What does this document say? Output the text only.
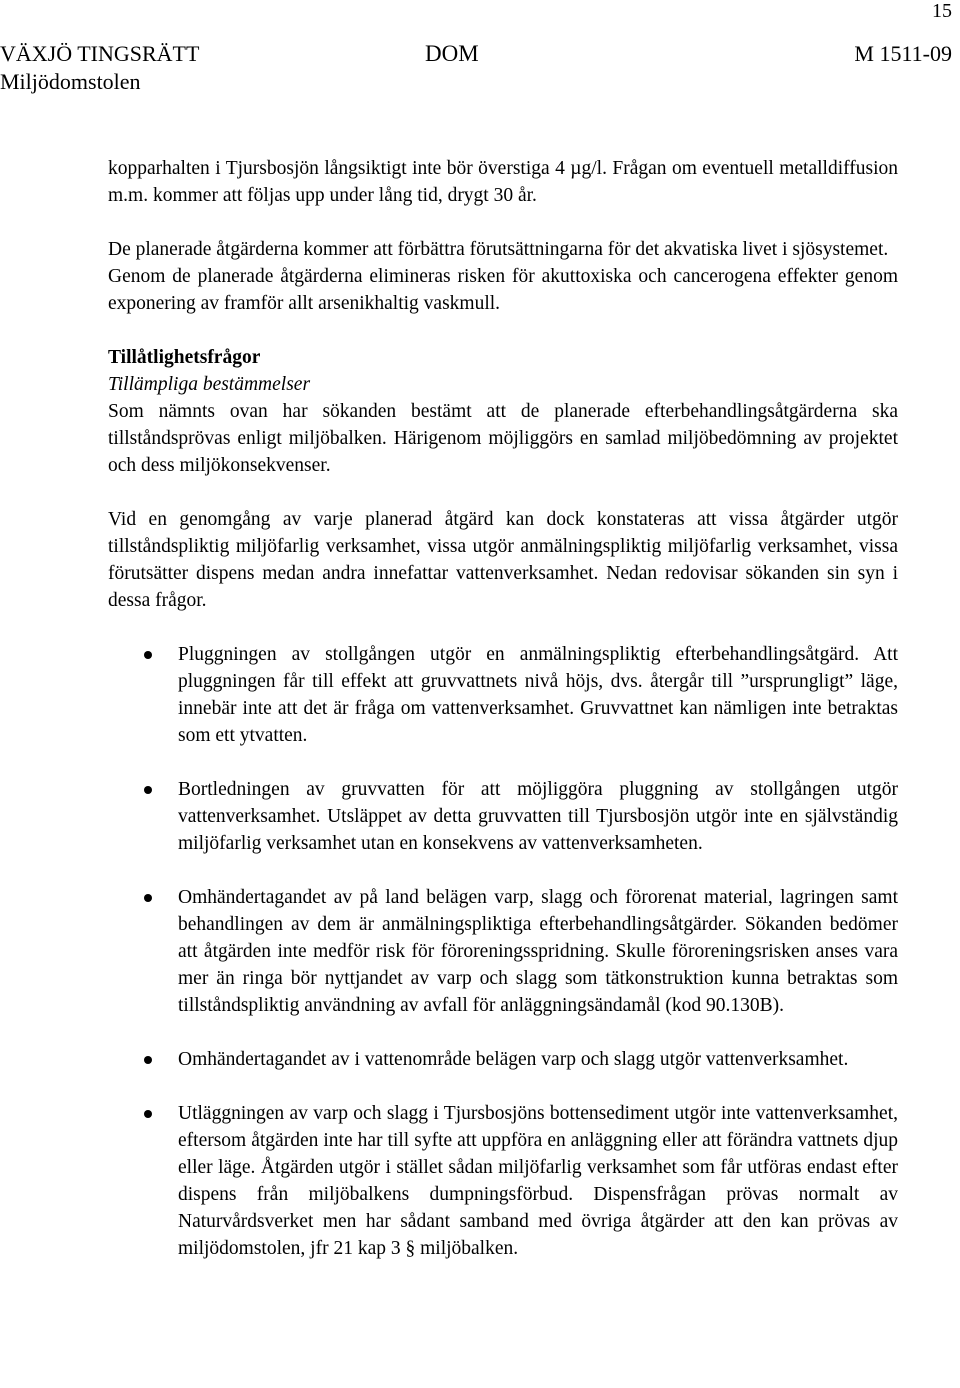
15
VÄXJÖ TINGSRÄTT
Miljödomstolen
DOM	M 1511-09

kopparhalten i Tjursbosjön långsiktigt inte bör överstiga 4 µg/l. Frågan om eventuell metalldiffusion m.m. kommer att följas upp under lång tid, drygt 30 år.

De planerade åtgärderna kommer att förbättra förutsättningarna för det akvatiska livet i sjösystemet.

Genom de planerade åtgärderna elimineras risken för akuttoxiska och cancerogena effekter genom exponering av framför allt arsenikhaltig vaskmull.

Tillåtlighetsfrågor

Tillämpliga bestämmelser

Som nämnts ovan har sökanden bestämt att de planerade efterbehandlingsåtgärderna ska tillståndsprövas enligt miljöbalken. Härigenom möjliggörs en samlad miljöbedömning av projektet och dess miljökonsekvenser.

Vid en genomgång av varje planerad åtgärd kan dock konstateras att vissa åtgärder utgör tillståndspliktig miljöfarlig verksamhet, vissa utgör anmälningspliktig miljöfarlig verksamhet, vissa förutsätter dispens medan andra innefattar vattenverksamhet. Nedan redovisar sökanden sin syn i dessa frågor.

Pluggningen av stollgången utgör en anmälningspliktig efterbehandlingsåtgärd. Att pluggningen får till effekt att gruvvattnets nivå höjs, dvs. återgår till ”ursprungligt” läge, innebär inte att det är fråga om vattenverksamhet. Gruvvattnet kan nämligen inte betraktas som ett ytvatten.
Bortledningen av gruvvatten för att möjliggöra pluggning av stollgången utgör vattenverksamhet. Utsläppet av detta gruvvatten till Tjursbosjön utgör inte en självständig miljöfarlig verksamhet utan en konsekvens av vattenverksamheten.
Omhändertagandet av på land belägen varp, slagg och förorenat material, lagringen samt behandlingen av dem är anmälningspliktiga efterbehandlingsåtgärder. Sökanden bedömer att åtgärden inte medför risk för föroreningsspridning. Skulle föroreningsrisken anses vara mer än ringa bör nyttjandet av varp och slagg som tätkonstruktion kunna betraktas som tillståndspliktig användning av avfall för anläggningsändamål (kod 90.130B).
Omhändertagandet av i vattenområde belägen varp och slagg utgör vattenverksamhet.
Utläggningen av varp och slagg i Tjursbosjöns bottensediment utgör inte vattenverksamhet, eftersom åtgärden inte har till syfte att uppföra en anläggning eller att förändra vattnets djup eller läge. Åtgärden utgör i stället sådan miljöfarlig verksamhet som får utföras endast efter dispens från miljöbalkens dumpningsförbud. Dispensfrågan prövas normalt av Naturvårdsverket men har sådant samband med övriga åtgärder att den kan prövas av miljödomstolen, jfr 21 kap 3 § miljöbalken.
